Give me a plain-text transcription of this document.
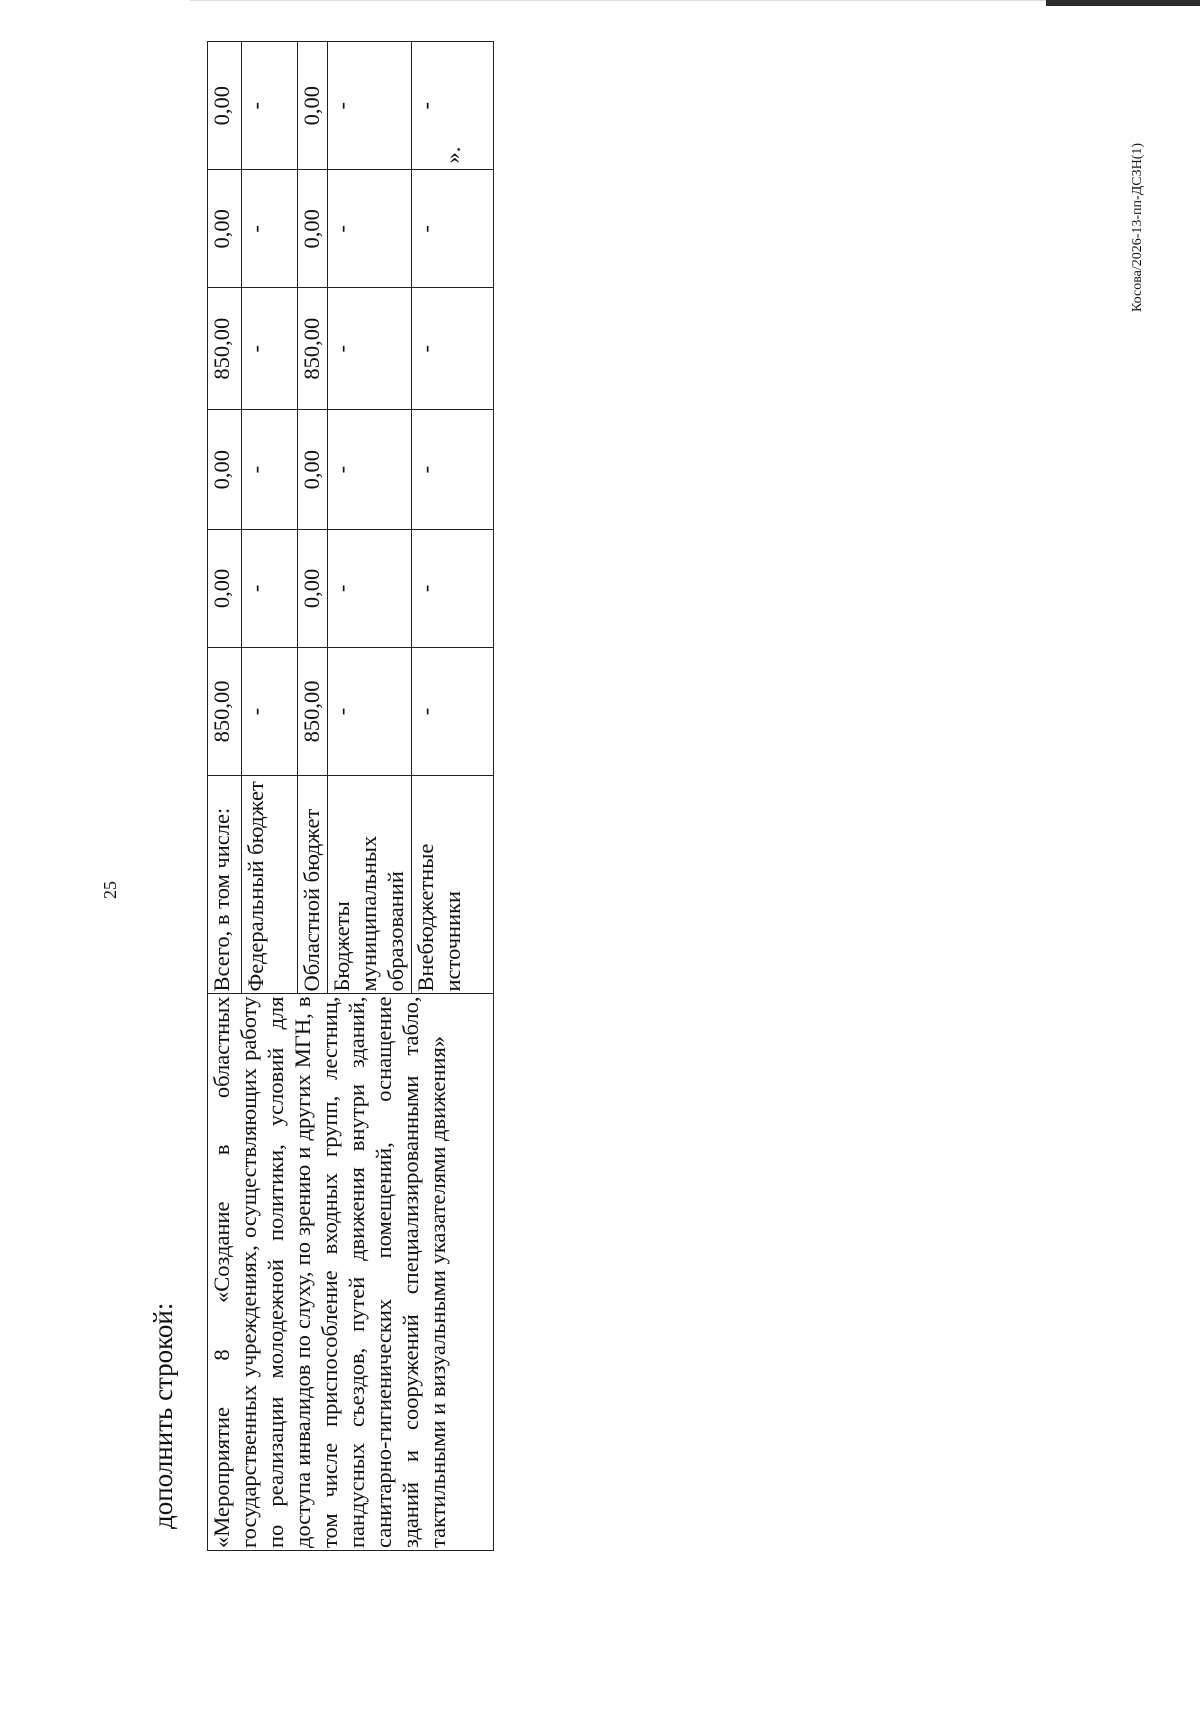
25
дополнить строкой: «Мероприятие 8 «Создание в областных государственных учреждениях, осуществляющих работу по реализации молодежной политики, условий для доступа инвалидов по слуху, по зрению и других МГН, в том числе приспособление входных групп, лестниц, пандусных съездов, путей движения внутри зданий, санитарно-гигиенических помещений, оснащение зданий и сооружений специализированными табло, тактильными и визуальными указателями движения»	Всего, в том числе:	850,00	0,00	0,00	850,00	0,00	0,00
	Федеральный бюджет	-	-	-	-	-	-
	Областной бюджет	850,00	0,00	0,00	850,00	0,00	0,00
	Бюджеты муниципальных образований	-	-	-	-	-	-
	Внебюджетные источники	-	-	-	-	-	-
».	Косова/2026-13-пп-ДСЗН(1)
